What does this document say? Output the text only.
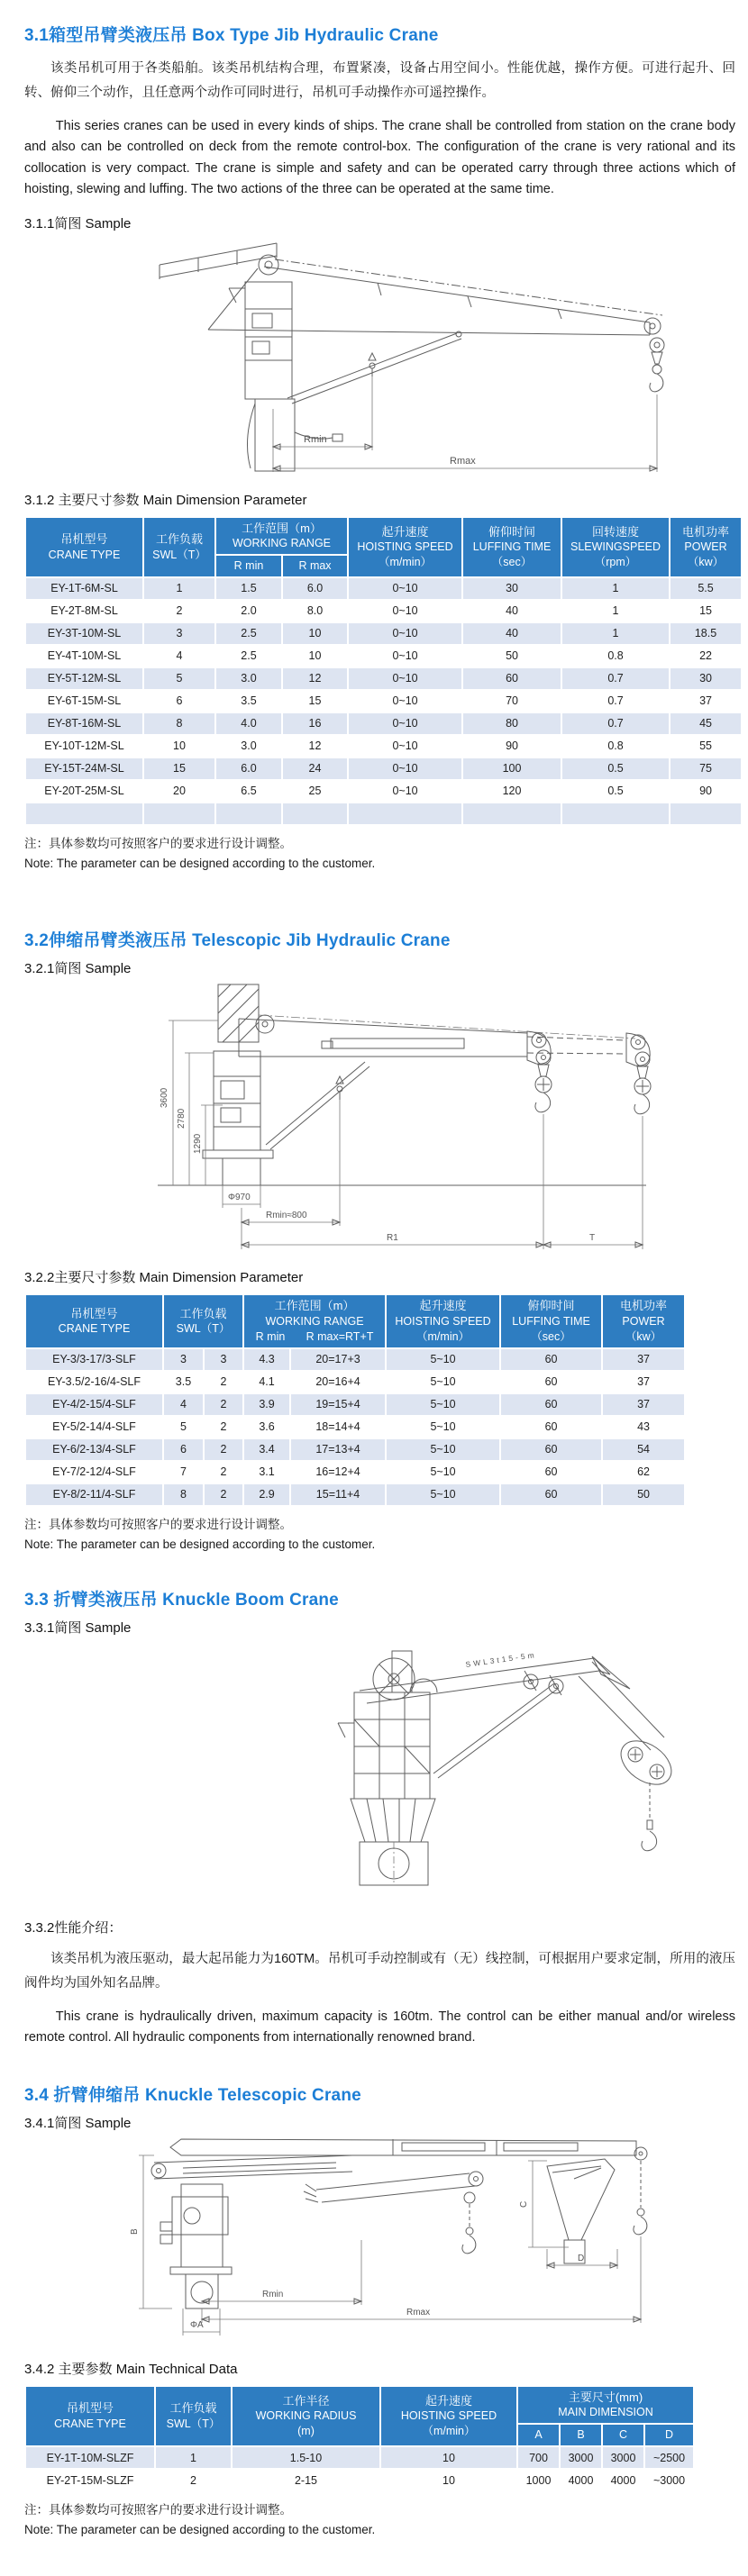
3.1箱型吊臂类液压吊 Box Type Jib Hydraulic Crane

该类吊机可用于各类船舶。该类吊机结构合理，布置紧凑，设备占用空间小。性能优越，操作方便。可进行起升、回转、俯仰三个动作，且任意两个动作可同时进行，吊机可手动操作亦可遥控操作。

This series cranes can be used in every kinds of ships. The crane shall be controlled from station on the crane body and also can be controlled on deck from the remote control-box. The configuration of the crane is very rational and its collocation is very compact. The crane is simple and safety and can be operated carry through three actions which of hoisting, slewing and luffing. The two actions of the three can be operated at the same time.

3.1.1简图 Sample
Rmin
Rmax
3.1.2 主要尺寸参数 Main Dimension Parameter
吊机型号
CRANE TYPE

工作负载
SWL（T）

工作范围（m）
WORKING RANGE

起升速度
HOISTING SPEED
（m/min）

俯仰时间
LUFFING TIME
（sec）

回转速度
SLEWINGSPEED
（rpm）

电机功率
POWER
（kw）

		R min	R max				
EY-1T-6M-SL	1	1.5	6.0	0~10	30	1	5.5
EY-2T-8M-SL	2	2.0	8.0	0~10	40	1	15
EY-3T-10M-SL	3	2.5	10	0~10	40	1	18.5
EY-4T-10M-SL	4	2.5	10	0~10	50	0.8	22
EY-5T-12M-SL	5	3.0	12	0~10	60	0.7	30
EY-6T-15M-SL	6	3.5	15	0~10	70	0.7	37
EY-8T-16M-SL	8	4.0	16	0~10	80	0.7	45
EY-10T-12M-SL	10	3.0	12	0~10	90	0.8	55
EY-15T-24M-SL	15	6.0	24	0~10	100	0.5	75
EY-20T-25M-SL	20	6.5	25	0~10	120	0.5	90

注：具体参数均可按照客户的要求进行设计调整。
Note: The parameter can be designed according to the customer.
3.2伸缩吊臂类液压吊 Telescopic Jib Hydraulic Crane
3.2.1简图 Sample
3600
2780
1290
Φ970
Rmin≈800
R1	T
3.2.2主要尺寸参数 Main Dimension Parameter
吊机型号
CRANE TYPE

工作负载
SWL（T）

工作范围（m）
WORKING RANGE
R min R max=RT+T

起升速度
HOISTING SPEED
（m/min）

俯仰时间
LUFFING TIME
（sec）

电机功率
POWER
（kw）

EY-3/3-17/3-SLF	3	3	4.3	20=17+3	5~10	60	37
EY-3.5/2-16/4-SLF	3.5	2	4.1	20=16+4	5~10	60	37
EY-4/2-15/4-SLF	4	2	3.9	19=15+4	5~10	60	37
EY-5/2-14/4-SLF	5	2	3.6	18=14+4	5~10	60	43
EY-6/2-13/4-SLF	6	2	3.4	17=13+4	5~10	60	54
EY-7/2-12/4-SLF	7	2	3.1	16=12+4	5~10	60	62
EY-8/2-11/4-SLF	8	2	2.9	15=11+4	5~10	60	50
注：具体参数均可按照客户的要求进行设计调整。
Note: The parameter can be designed according to the customer.
3.3 折臂类液压吊 Knuckle Boom Crane
3.3.1简图 Sample
SWL3t15-5m
3.3.2性能介绍：

该类吊机为液压驱动，最大起吊能力为160TM。吊机可手动控制或有（无）线控制，可根据用户要求定制，所用的液压阀件均为国外知名品牌。

This crane is hydraulically driven, maximum capacity is 160tm. The control can be either manual and/or wireless remote control. All hydraulic components from internationally renowned brand.

3.4 折臂伸缩吊 Knuckle Telescopic Crane
3.4.1简图 Sample
B
ΦA
Rmin
Rmax
C
D
3.4.2 主要参数 Main Technical Data
吊机型号
CRANE TYPE

工作负载
SWL（T）

工作半径
WORKING RADIUS
(m)

起升速度
HOISTING SPEED
（m/min）

主要尺寸(mm)
MAIN DIMENSION

				A	B	C	D
EY-1T-10M-SLZF	1	1.5-10	10	700	3000	3000	~2500
EY-2T-15M-SLZF	2	2-15	10	1000	4000	4000	~3000
注：具体参数均可按照客户的要求进行设计调整。
Note: The parameter can be designed according to the customer.
